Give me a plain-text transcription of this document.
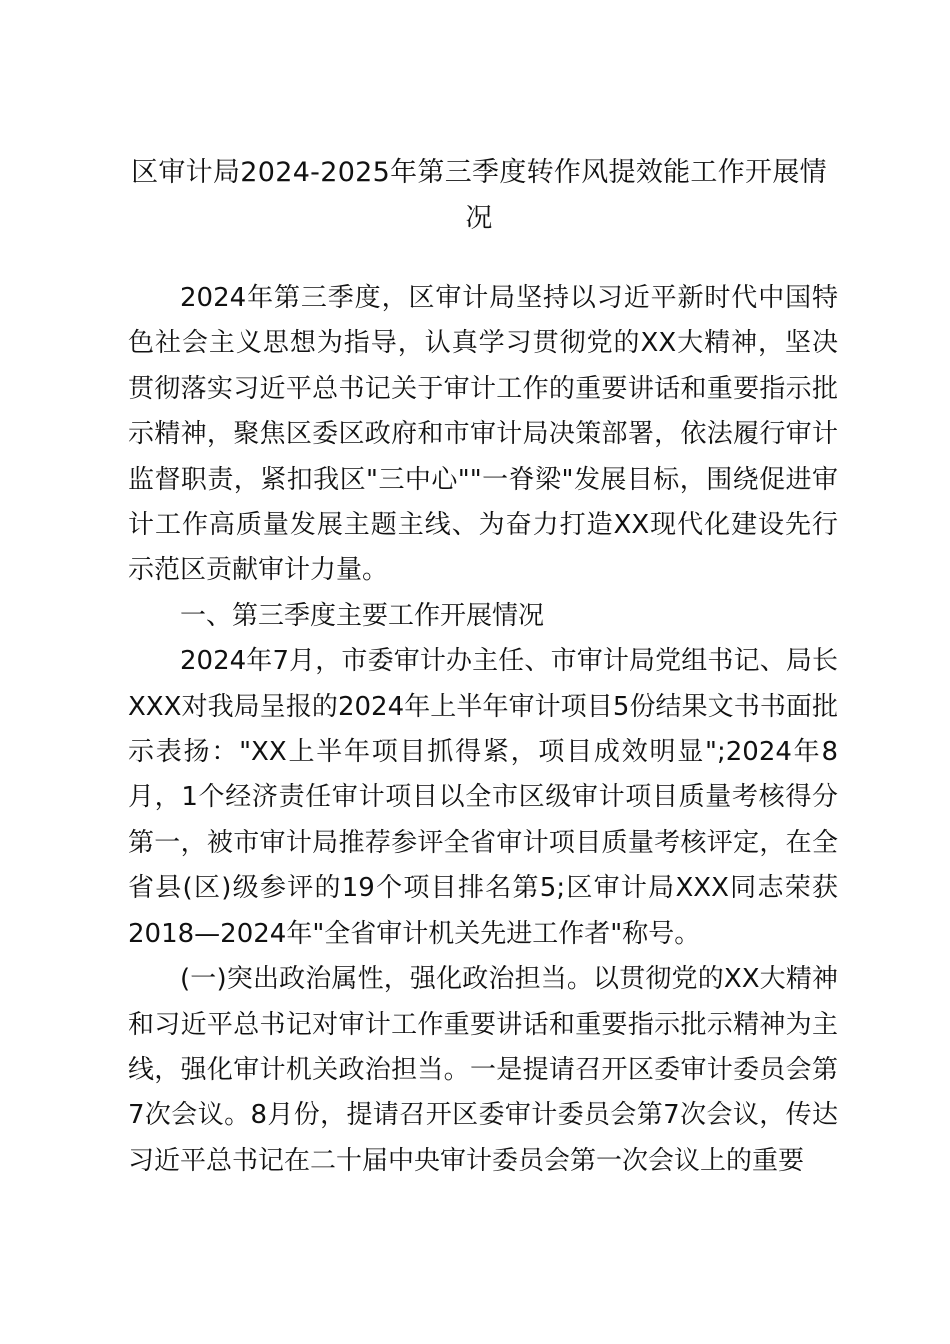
区审计局2024-2025年第三季度转作风提效能工作开展情况

2024年第三季度，区审计局坚持以习近平新时代中国特色社会主义思想为指导，认真学习贯彻党的XX大精神，坚决贯彻落实习近平总书记关于审计工作的重要讲话和重要指示批示精神，聚焦区委区政府和市审计局决策部署，依法履行审计监督职责，紧扣我区"三中心""一脊梁"发展目标，围绕促进审计工作高质量发展主题主线、为奋力打造XX现代化建设先行示范区贡献审计力量。

一、第三季度主要工作开展情况

2024年7月，市委审计办主任、市审计局党组书记、局长XXX对我局呈报的2024年上半年审计项目5份结果文书书面批示表扬："XX上半年项目抓得紧，项目成效明显";2024年8月，1个经济责任审计项目以全市区级审计项目质量考核得分第一，被市审计局推荐参评全省审计项目质量考核评定，在全省县(区)级参评的19个项目排名第5;区审计局XXX同志荣获2018—2024年"全省审计机关先进工作者"称号。

(一)突出政治属性，强化政治担当。以贯彻党的XX大精神和习近平总书记对审计工作重要讲话和重要指示批示精神为主线，强化审计机关政治担当。一是提请召开区委审计委员会第7次会议。8月份，提请召开区委审计委员会第7次会议，传达习近平总书记在二十届中央审计委员会第一次会议上的重要
